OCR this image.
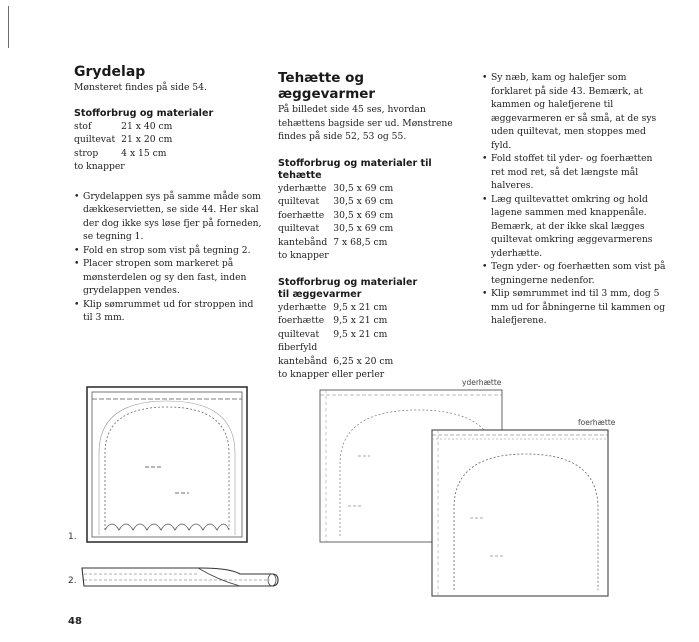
Grydelap

Mønsteret findes på side 54.

Stofforbrug og materialer
stof	21 x 40 cm
quiltevat	21 x 20 cm
strop	4 x 15 cm

to knapper

• Grydelappen sys på samme måde som dækkeservietten, se side 44. Her skal der dog ikke sys løse fjer på forneden, se tegning 1.
• Fold en strop som vist på tegning 2.
• Placer stropen som markeret på mønsterdelen og sy den fast, inden grydelappen vendes.
• Klip sømrummet ud for stroppen ind til 3 mm.
Tehætte og æggevarmer

På billedet side 45 ses, hvordan tehættens bagside ser ud. Mønstrene findes på side 52, 53 og 55.

Stofforbrug og materialer til tehætte
yderhætte	30,5 x 69 cm
quiltevat	30,5 x 69 cm
foerhætte	30,5 x 69 cm
quiltevat	30,5 x 69 cm
kantebånd	7 x 68,5 cm

to knapper

Stofforbrug og materialer
til æggevarmer
yderhætte	9,5 x 21 cm
foerhætte	9,5 x 21 cm
quiltevat	9,5 x 21 cm
fiberfyld	
kantebånd	6,25 x 20 cm

to knapper eller perler

• Sy næb, kam og halefjer som forklaret på side 43. Bemærk, at kammen og halefjerene til æggevarmeren er så små, at de sys uden quiltevat, men stoppes med fyld.
• Fold stoffet til yder- og foerhætten ret mod ret, så det længste mål halveres.
• Læg quiltevattet omkring og hold lagene sammen med knappenåle. Bemærk, at der ikke skal lægges quiltevat omkring æggevarmerens yderhætte.
• Tegn yder- og foerhætten som vist på tegningerne nedenfor.
• Klip sømrummet ind til 3 mm, dog 5 mm ud for åbningerne til kammen og halefjerene.
1.
2.
yderhætte
foerhætte
48
